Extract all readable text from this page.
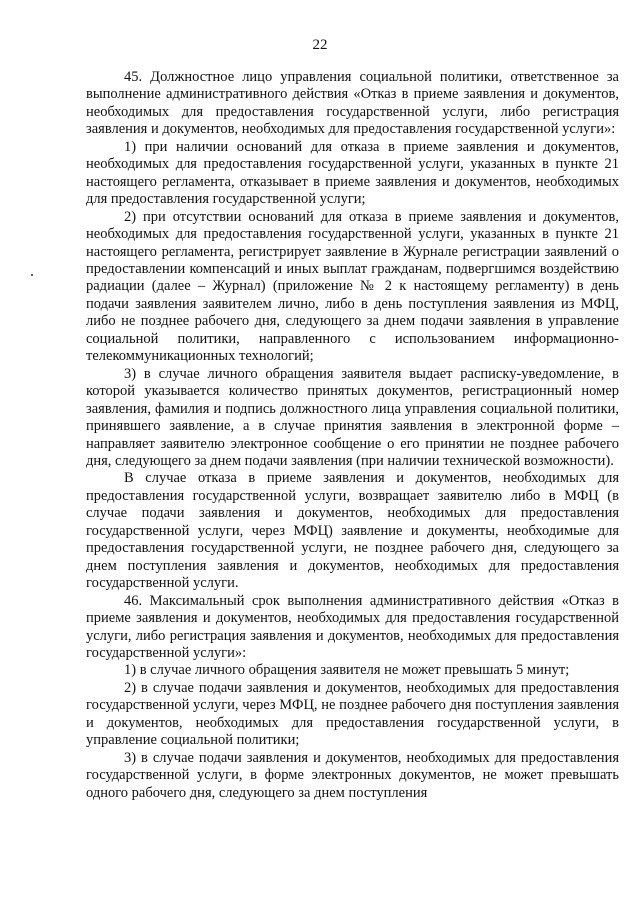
22

45. Должностное лицо управления социальной политики, ответственное за выполнение административного действия «Отказ в приеме заявления и документов, необходимых для предоставления государственной услуги, либо регистрация заявления и документов, необходимых для предоставления государственной услуги»:

1) при наличии оснований для отказа в приеме заявления и документов, необходимых для предоставления государственной услуги, указанных в пункте 21 настоящего регламента, отказывает в приеме заявления и документов, необходимых для предоставления государственной услуги;

2) при отсутствии оснований для отказа в приеме заявления и документов, необходимых для предоставления государственной услуги, указанных в пункте 21 настоящего регламента, регистрирует заявление в Журнале регистрации заявлений о предоставлении компенсаций и иных выплат гражданам, подвергшимся воздействию радиации (далее – Журнал) (приложение № 2 к настоящему регламенту) в день подачи заявления заявителем лично, либо в день поступления заявления из МФЦ, либо не позднее рабочего дня, следующего за днем подачи заявления в управление социальной политики, направленного с использованием информационно-телекоммуникационных технологий;

3) в случае личного обращения заявителя выдает расписку-уведомление, в которой указывается количество принятых документов, регистрационный номер заявления, фамилия и подпись должностного лица управления социальной политики, принявшего заявление, а в случае принятия заявления в электронной форме – направляет заявителю электронное сообщение о его принятии не позднее рабочего дня, следующего за днем подачи заявления (при наличии технической возможности).

В случае отказа в приеме заявления и документов, необходимых для предоставления государственной услуги, возвращает заявителю либо в МФЦ (в случае подачи заявления и документов, необходимых для предоставления государственной услуги, через МФЦ) заявление и документы, необходимые для предоставления государственной услуги, не позднее рабочего дня, следующего за днем поступления заявления и документов, необходимых для предоставления государственной услуги.

46. Максимальный срок выполнения административного действия «Отказ в приеме заявления и документов, необходимых для предоставления государственной услуги, либо регистрация заявления и документов, необходимых для предоставления государственной услуги»:

1) в случае личного обращения заявителя не может превышать 5 минут;

2) в случае подачи заявления и документов, необходимых для предоставления государственной услуги, через МФЦ, не позднее рабочего дня поступления заявления и документов, необходимых для предоставления государственной услуги, в управление социальной политики;

3) в случае подачи заявления и документов, необходимых для предоставления государственной услуги, в форме электронных документов, не может превышать одного рабочего дня, следующего за днем поступления
